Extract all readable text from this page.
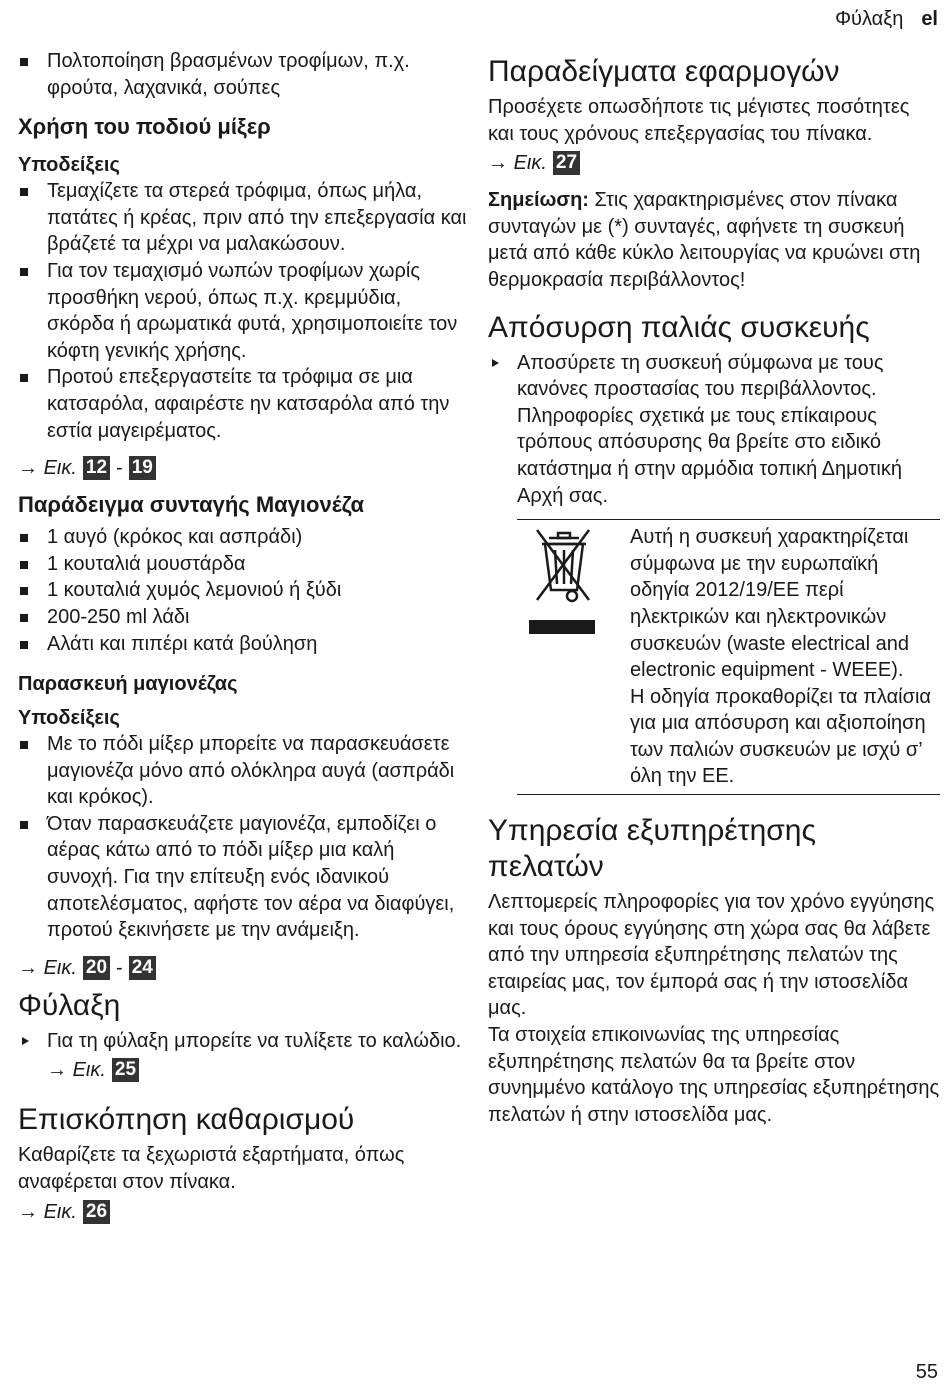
Φύλαξη el
Πολτοποίηση βρασμένων τροφίμων, π.χ. φρούτα, λαχανικά, σούπες
Χρήση του ποδιού μίξερ
Υποδείξεις
Τεμαχίζετε τα στερεά τρόφιμα, όπως μήλα, πατάτες ή κρέας, πριν από την επεξεργασία και βράζετέ τα μέχρι να μαλακώσουν.
Για τον τεμαχισμό νωπών τροφίμων χωρίς προσθήκη νερού, όπως π.χ. κρεμμύδια, σκόρδα ή αρωματικά φυτά, χρησιμοποιείτε τον κόφτη γενικής χρήσης.
Προτού επεξεργαστείτε τα τρόφιμα σε μια κατσαρόλα, αφαιρέστε ην κατσαρόλα από την εστία μαγειρέματος.
→ Εικ. 12 - 19
Παράδειγμα συνταγής Μαγιονέζα
1 αυγό (κρόκος και ασπράδι)
1 κουταλιά μουστάρδα
1 κουταλιά χυμός λεμονιού ή ξύδι
200-250 ml λάδι
Αλάτι και πιπέρι κατά βούληση
Παρασκευή μαγιονέζας
Υποδείξεις
Με το πόδι μίξερ μπορείτε να παρασκευάσετε μαγιονέζα μόνο από ολόκληρα αυγά (ασπράδι και κρόκος).
Όταν παρασκευάζετε μαγιονέζα, εμποδίζει ο αέρας κάτω από το πόδι μίξερ μια καλή συνοχή. Για την επίτευξη ενός ιδανικού αποτελέσματος, αφήστε τον αέρα να διαφύγει, προτού ξεκινήσετε με την ανάμειξη.
→ Εικ. 20 - 24
Φύλαξη
Για τη φύλαξη μπορείτε να τυλίξετε το καλώδιο.
→ Εικ. 25
Επισκόπηση καθαρισμού

Καθαρίζετε τα ξεχωριστά εξαρτήματα, όπως αναφέρεται στον πίνακα.

→ Εικ. 26
Παραδείγματα εφαρμογών

Προσέχετε οπωσδήποτε τις μέγιστες ποσότητες και τους χρόνους επεξεργασίας του πίνακα.

→ Εικ. 27

Σημείωση: Στις χαρακτηρισμένες στον πίνακα συνταγών με (*) συνταγές, αφήνετε τη συσκευή μετά από κάθε κύκλο λειτουργίας να κρυώνει στη θερμοκρασία περιβάλλοντος!

Απόσυρση παλιάς συσκευής
Αποσύρετε τη συσκευή σύμφωνα με τους κανόνες προστασίας του περιβάλλοντος.

Πληροφορίες σχετικά με τους επίκαιρους τρόπους απόσυρσης θα βρείτε στο ειδικό κατάστημα ή στην αρμόδια τοπική Δημοτική Αρχή σας.

Αυτή η συσκευή χαρακτηρίζεται σύμφωνα με την ευρωπαϊκή οδηγία 2012/19/ΕΕ περί ηλεκτρικών και ηλεκτρονικών συσκευών (waste electrical and electronic equipment - WEEE).

Η οδηγία προκαθορίζει τα πλαίσια για μια απόσυρση και αξιοποίηση των παλιών συσκευών με ισχύ σ’ όλη την ΕΕ.

Υπηρεσία εξυπηρέτησης πελατών

Λεπτομερείς πληροφορίες για τον χρόνο εγγύησης και τους όρους εγγύησης στη χώρα σας θα λάβετε από την υπηρεσία εξυπηρέτησης πελατών της εταιρείας μας, τον έμπορά σας ή την ιστοσελίδα μας.

Τα στοιχεία επικοινωνίας της υπηρεσίας εξυπηρέτησης πελατών θα τα βρείτε στον συνημμένο κατάλογο της υπηρεσίας εξυπηρέτησης πελατών ή στην ιστοσελίδα μας.

55
